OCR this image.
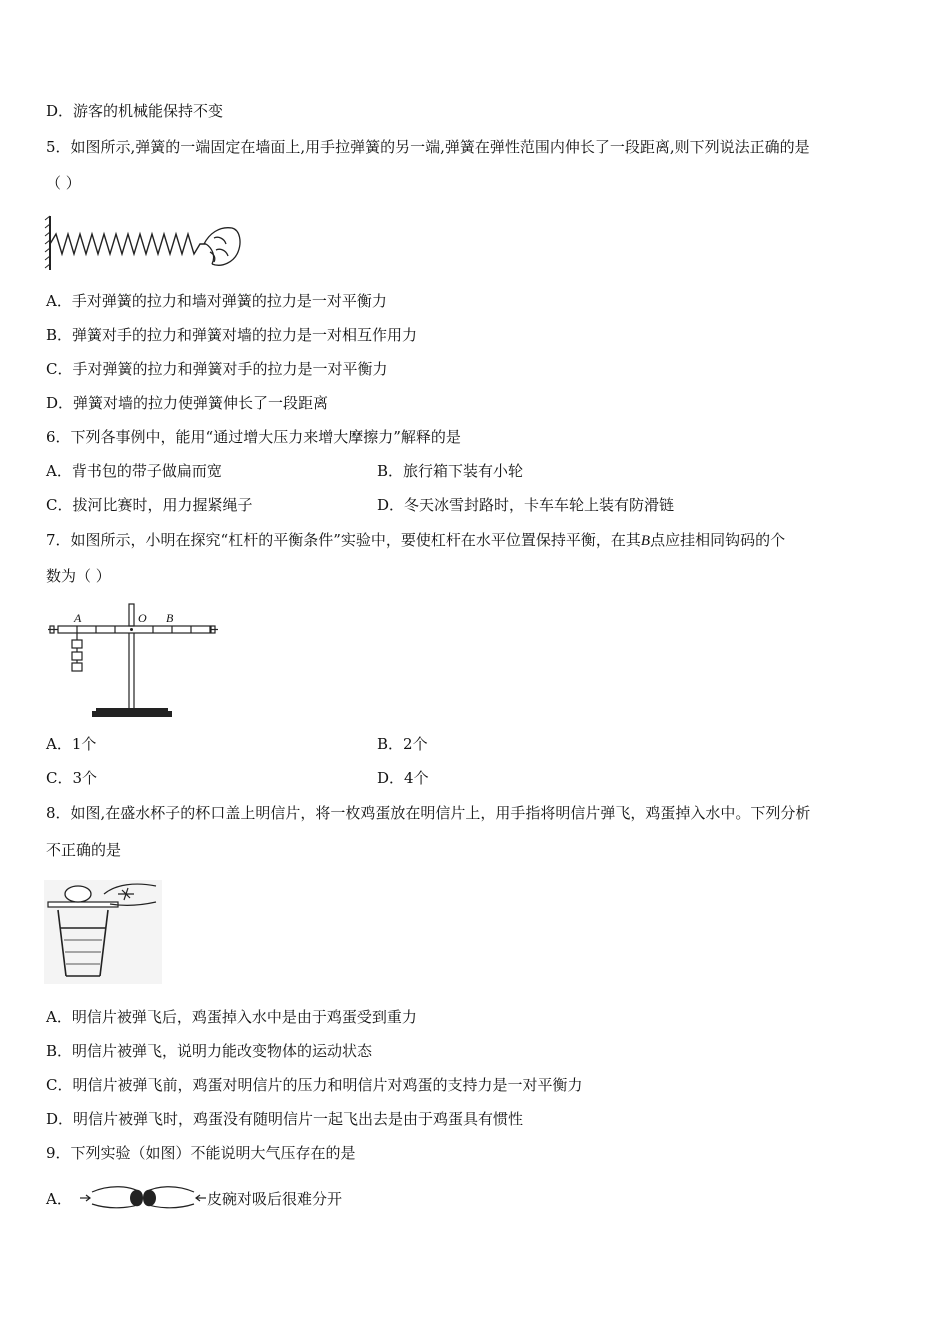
D．游客的机械能保持不变
5．如图所示,弹簧的一端固定在墙面上,用手拉弹簧的另一端,弹簧在弹性范围内伸长了一段距离,则下列说法正确的是
（ ）
A．手对弹簧的拉力和墙对弹簧的拉力是一对平衡力
B．弹簧对手的拉力和弹簧对墙的拉力是一对相互作用力
C．手对弹簧的拉力和弹簧对手的拉力是一对平衡力
D．弹簧对墙的拉力使弹簧伸长了一段距离
6．下列各事例中，能用“通过增大压力来增大摩擦力”解释的是
A．背书包的带子做扁而宽	B．旅行箱下装有小轮
C．拔河比赛时，用力握紧绳子	D．冬天冰雪封路时，卡车车轮上装有防滑链
7．如图所示，小明在探究“杠杆的平衡条件”实验中，要使杠杆在水平位置保持平衡，在其B点应挂相同钩码的个
数为（ ）
A	O B
A．1个	B．2个
C．3个	D．4个
8．如图,在盛水杯子的杯口盖上明信片，将一枚鸡蛋放在明信片上，用手指将明信片弹飞，鸡蛋掉入水中。下列分析
不正确的是
A．明信片被弹飞后，鸡蛋掉入水中是由于鸡蛋受到重力
B．明信片被弹飞，说明力能改变物体的运动状态
C．明信片被弹飞前，鸡蛋对明信片的压力和明信片对鸡蛋的支持力是一对平衡力
D．明信片被弹飞时，鸡蛋没有随明信片一起飞出去是由于鸡蛋具有惯性
9．下列实验（如图）不能说明大气压存在的是
A．	皮碗对吸后很难分开
